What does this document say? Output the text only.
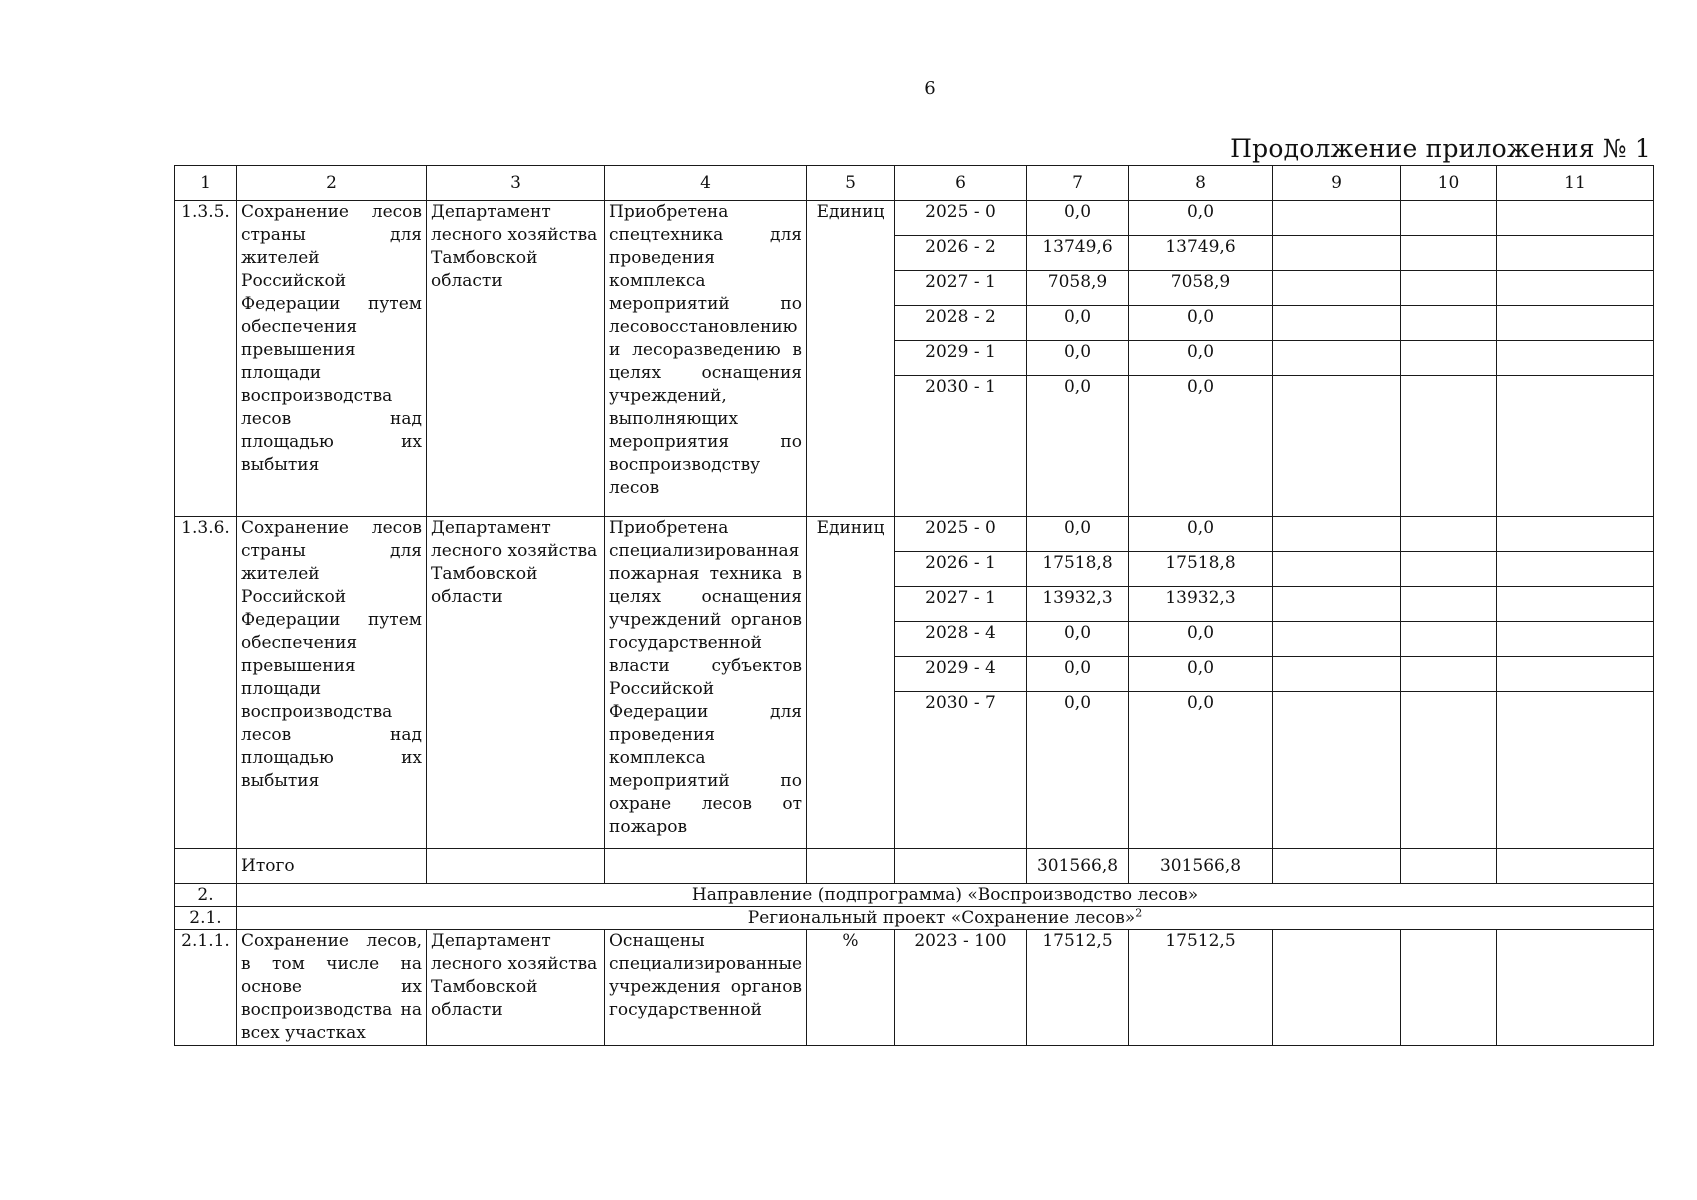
6
Продолжение приложения № 1
1	2	3	4	5	6	7	8	9	10	11
1.3.5.	Сохранение лесов страны для жителей Российской Федерации путем обеспечения превышения площади воспроизводства лесов над площадью их выбытия	Департамент лесного хозяйства Тамбовской области	Приобретена спецтехника для проведения комплекса мероприятий по лесовосстановлению и лесоразведению в целях оснащения учреждений, выполняющих мероприятия по воспроизводству лесов	Единиц	2025 - 0	0,0	0,0			
					2026 - 2	13749,6	13749,6			
					2027 - 1	7058,9	7058,9			
					2028 - 2	0,0	0,0			
					2029 - 1	0,0	0,0			
					2030 - 1	0,0	0,0			
1.3.6.	Сохранение лесов страны для жителей Российской Федерации путем обеспечения превышения площади воспроизводства лесов над площадью их выбытия	Департамент лесного хозяйства Тамбовской области	Приобретена специализированная пожарная техника в целях оснащения учреждений органов государственной власти субъектов Российской Федерации для проведения комплекса мероприятий по охране лесов от пожаров	Единиц	2025 - 0	0,0	0,0			
					2026 - 1	17518,8	17518,8			
					2027 - 1	13932,3	13932,3			
					2028 - 4	0,0	0,0			
					2029 - 4	0,0	0,0			
					2030 - 7	0,0	0,0			
	Итого					301566,8	301566,8			
2.	Направление (подпрограмма) «Воспроизводство лесов»									
2.1.	Региональный проект «Сохранение лесов»$^2$
2.1.1.	Сохранение лесов, в том числе на основе их воспроизводства на всех участках	Департамент лесного хозяйства Тамбовской области	Оснащены специализированные учреждения органов государственной	%	2023 - 100	17512,5	17512,5			
